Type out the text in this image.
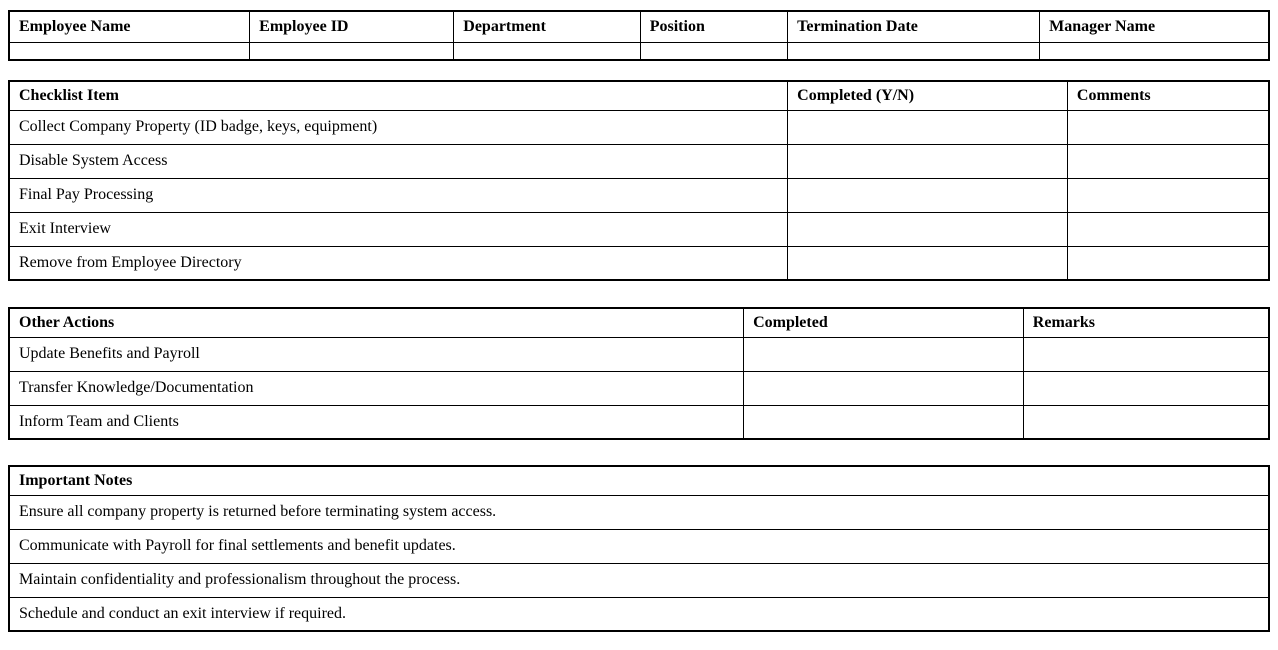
Employee Name	Employee ID	Department	Position	Termination Date	Manager Name

Checklist Item	Completed (Y/N)	Comments
Collect Company Property (ID badge, keys, equipment)		
Disable System Access		
Final Pay Processing		
Exit Interview		
Remove from Employee Directory		
Other Actions	Completed	Remarks
Update Benefits and Payroll		
Transfer Knowledge/Documentation		
Inform Team and Clients		
Important Notes
Ensure all company property is returned before terminating system access.
Communicate with Payroll for final settlements and benefit updates.
Maintain confidentiality and professionalism throughout the process.
Schedule and conduct an exit interview if required.
